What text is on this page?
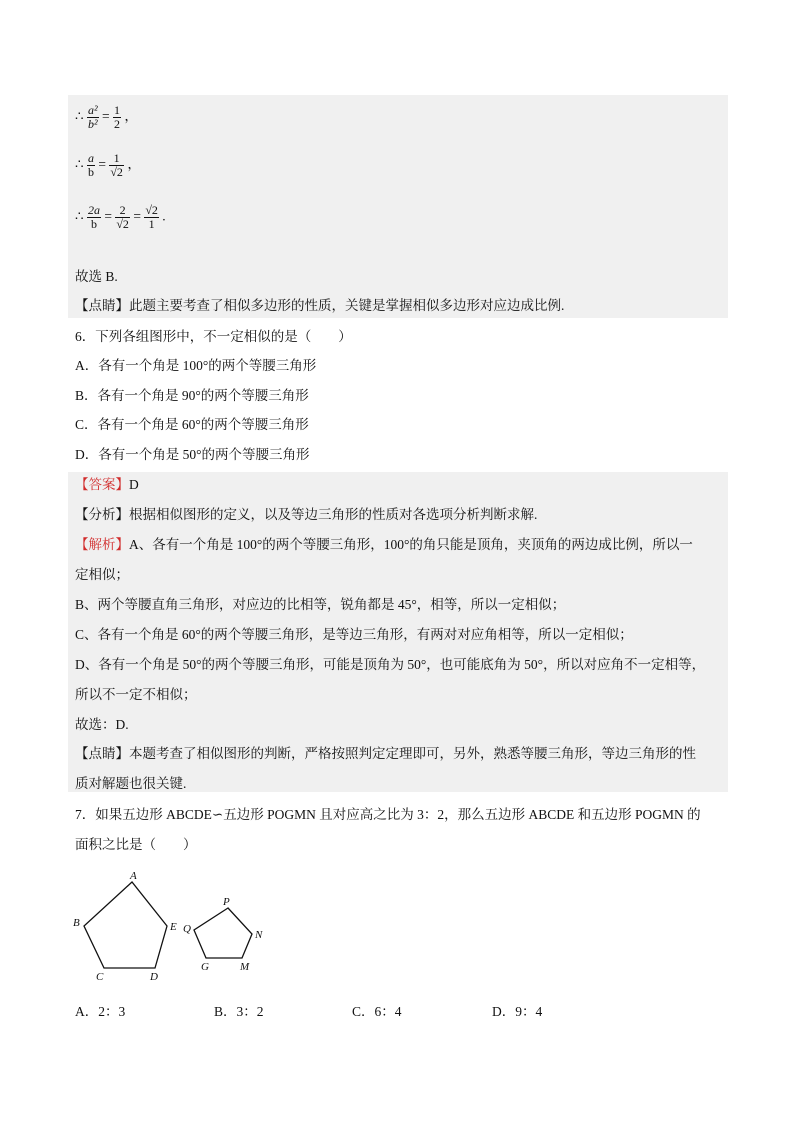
∴ $\frac{\text{a²}}{\text{b²}} = \frac{1}{2}$ ，
∴ $\frac{a}{b} = \frac{1}{√2}$ ，
∴ $\frac{2a}{b} = \frac{2}{√2} = \frac{√2}{1}$ .
故选 B.
【点睛】此题主要考查了相似多边形的性质，关键是掌握相似多边形对应边成比例.
6．下列各组图形中，不一定相似的是（　　）
A．各有一个角是 100°的两个等腰三角形
B．各有一个角是 90°的两个等腰三角形
C．各有一个角是 60°的两个等腰三角形
D．各有一个角是 50°的两个等腰三角形
【答案】D
【分析】根据相似图形的定义，以及等边三角形的性质对各选项分析判断求解.
【解析】A、各有一个角是 100°的两个等腰三角形，100°的角只能是顶角，夹顶角的两边成比例，所以一
定相似；
B、两个等腰直角三角形，对应边的比相等，锐角都是 45°，相等，所以一定相似；
C、各有一个角是 60°的两个等腰三角形，是等边三角形，有两对对应角相等，所以一定相似；
D、各有一个角是 50°的两个等腰三角形，可能是顶角为 50°，也可能底角为 50°，所以对应角不一定相等，
所以不一定不相似；
故选：D.
【点睛】本题考查了相似图形的判断，严格按照判定定理即可，另外，熟悉等腰三角形，等边三角形的性
质对解题也很关键.
7．如果五边形 ABCDE∽五边形 POGMN 且对应高之比为 3：2，那么五边形 ABCDE 和五边形 POGMN 的
面积之比是（　　）
A
B
C	D
E
P
Q
G	M
N
A．2：3	B．3：2	C．6：4	D．9：4
